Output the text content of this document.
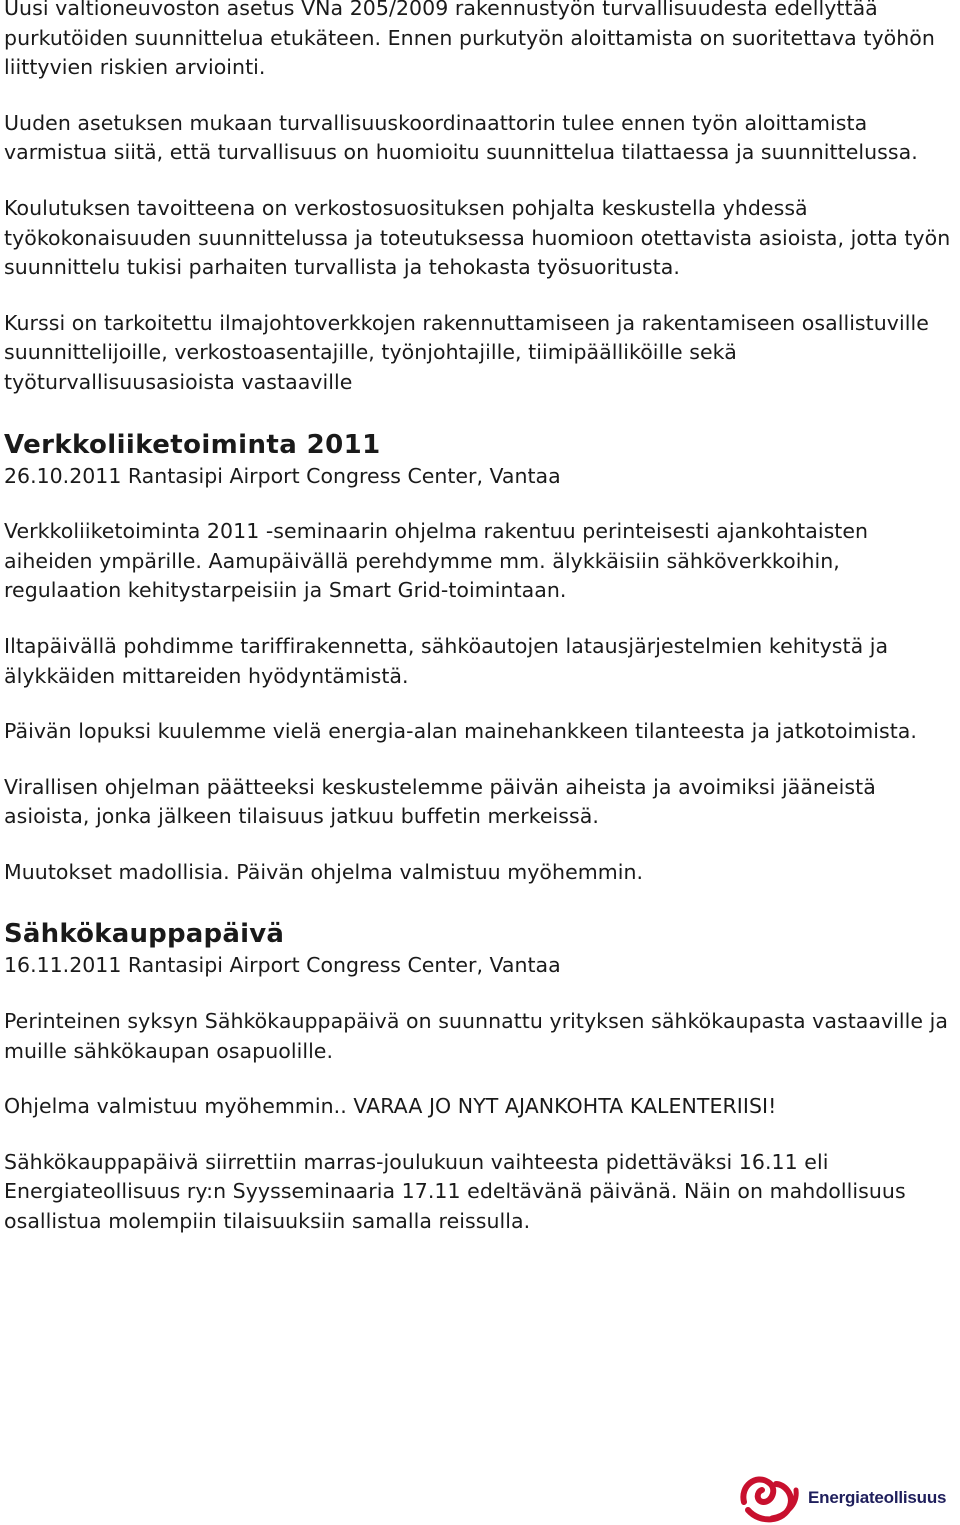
Uusi valtioneuvoston asetus VNa 205/2009 rakennustyön turvallisuudesta edellyttää purkutöiden suunnittelua etukäteen. Ennen purkutyön aloittamista on suoritettava työhön liittyvien riskien arviointi.

Uuden asetuksen mukaan turvallisuuskoordinaattorin tulee ennen työn aloittamista varmistua siitä, että turvallisuus on huomioitu suunnittelua tilattaessa ja suunnittelussa.

Koulutuksen tavoitteena on verkostosuosituksen pohjalta keskustella yhdessä työkokonaisuuden suunnittelussa ja toteutuksessa huomioon otettavista asioista, jotta työn suunnittelu tukisi parhaiten turvallista ja tehokasta työsuoritusta.

Kurssi on tarkoitettu ilmajohtoverkkojen rakennuttamiseen ja rakentamiseen osallistuville suunnittelijoille, verkostoasentajille, työnjohtajille, tiimipäälliköille sekä työturvallisuusasioista vastaaville

Verkkoliiketoiminta 2011

26.10.2011 Rantasipi Airport Congress Center, Vantaa

Verkkoliiketoiminta 2011 -seminaarin ohjelma rakentuu perinteisesti ajankohtaisten aiheiden ympärille. Aamupäivällä perehdymme mm. älykkäisiin sähköverkkoihin, regulaation kehitystarpeisiin ja Smart Grid-toimintaan.

Iltapäivällä pohdimme tariffirakennetta, sähköautojen latausjärjestelmien kehitystä ja älykkäiden mittareiden hyödyntämistä.

Päivän lopuksi kuulemme vielä energia-alan mainehankkeen tilanteesta ja jatkotoimista.

Virallisen ohjelman päätteeksi keskustelemme päivän aiheista ja avoimiksi jääneistä asioista, jonka jälkeen tilaisuus jatkuu buffetin merkeissä.

Muutokset madollisia. Päivän ohjelma valmistuu myöhemmin.

Sähkökauppapäivä

16.11.2011 Rantasipi Airport Congress Center, Vantaa

Perinteinen syksyn Sähkökauppapäivä on suunnattu yrityksen sähkökaupasta vastaaville ja muille sähkökaupan osapuolille.

Ohjelma valmistuu myöhemmin.. VARAA JO NYT AJANKOHTA KALENTERIISI!

Sähkökauppapäivä siirrettiin marras-joulukuun vaihteesta pidettäväksi 16.11 eli Energiateollisuus ry:n Syysseminaaria 17.11 edeltävänä päivänä. Näin on mahdollisuus osallistua molempiin tilaisuuksiin samalla reissulla.

Energiateollisuus
